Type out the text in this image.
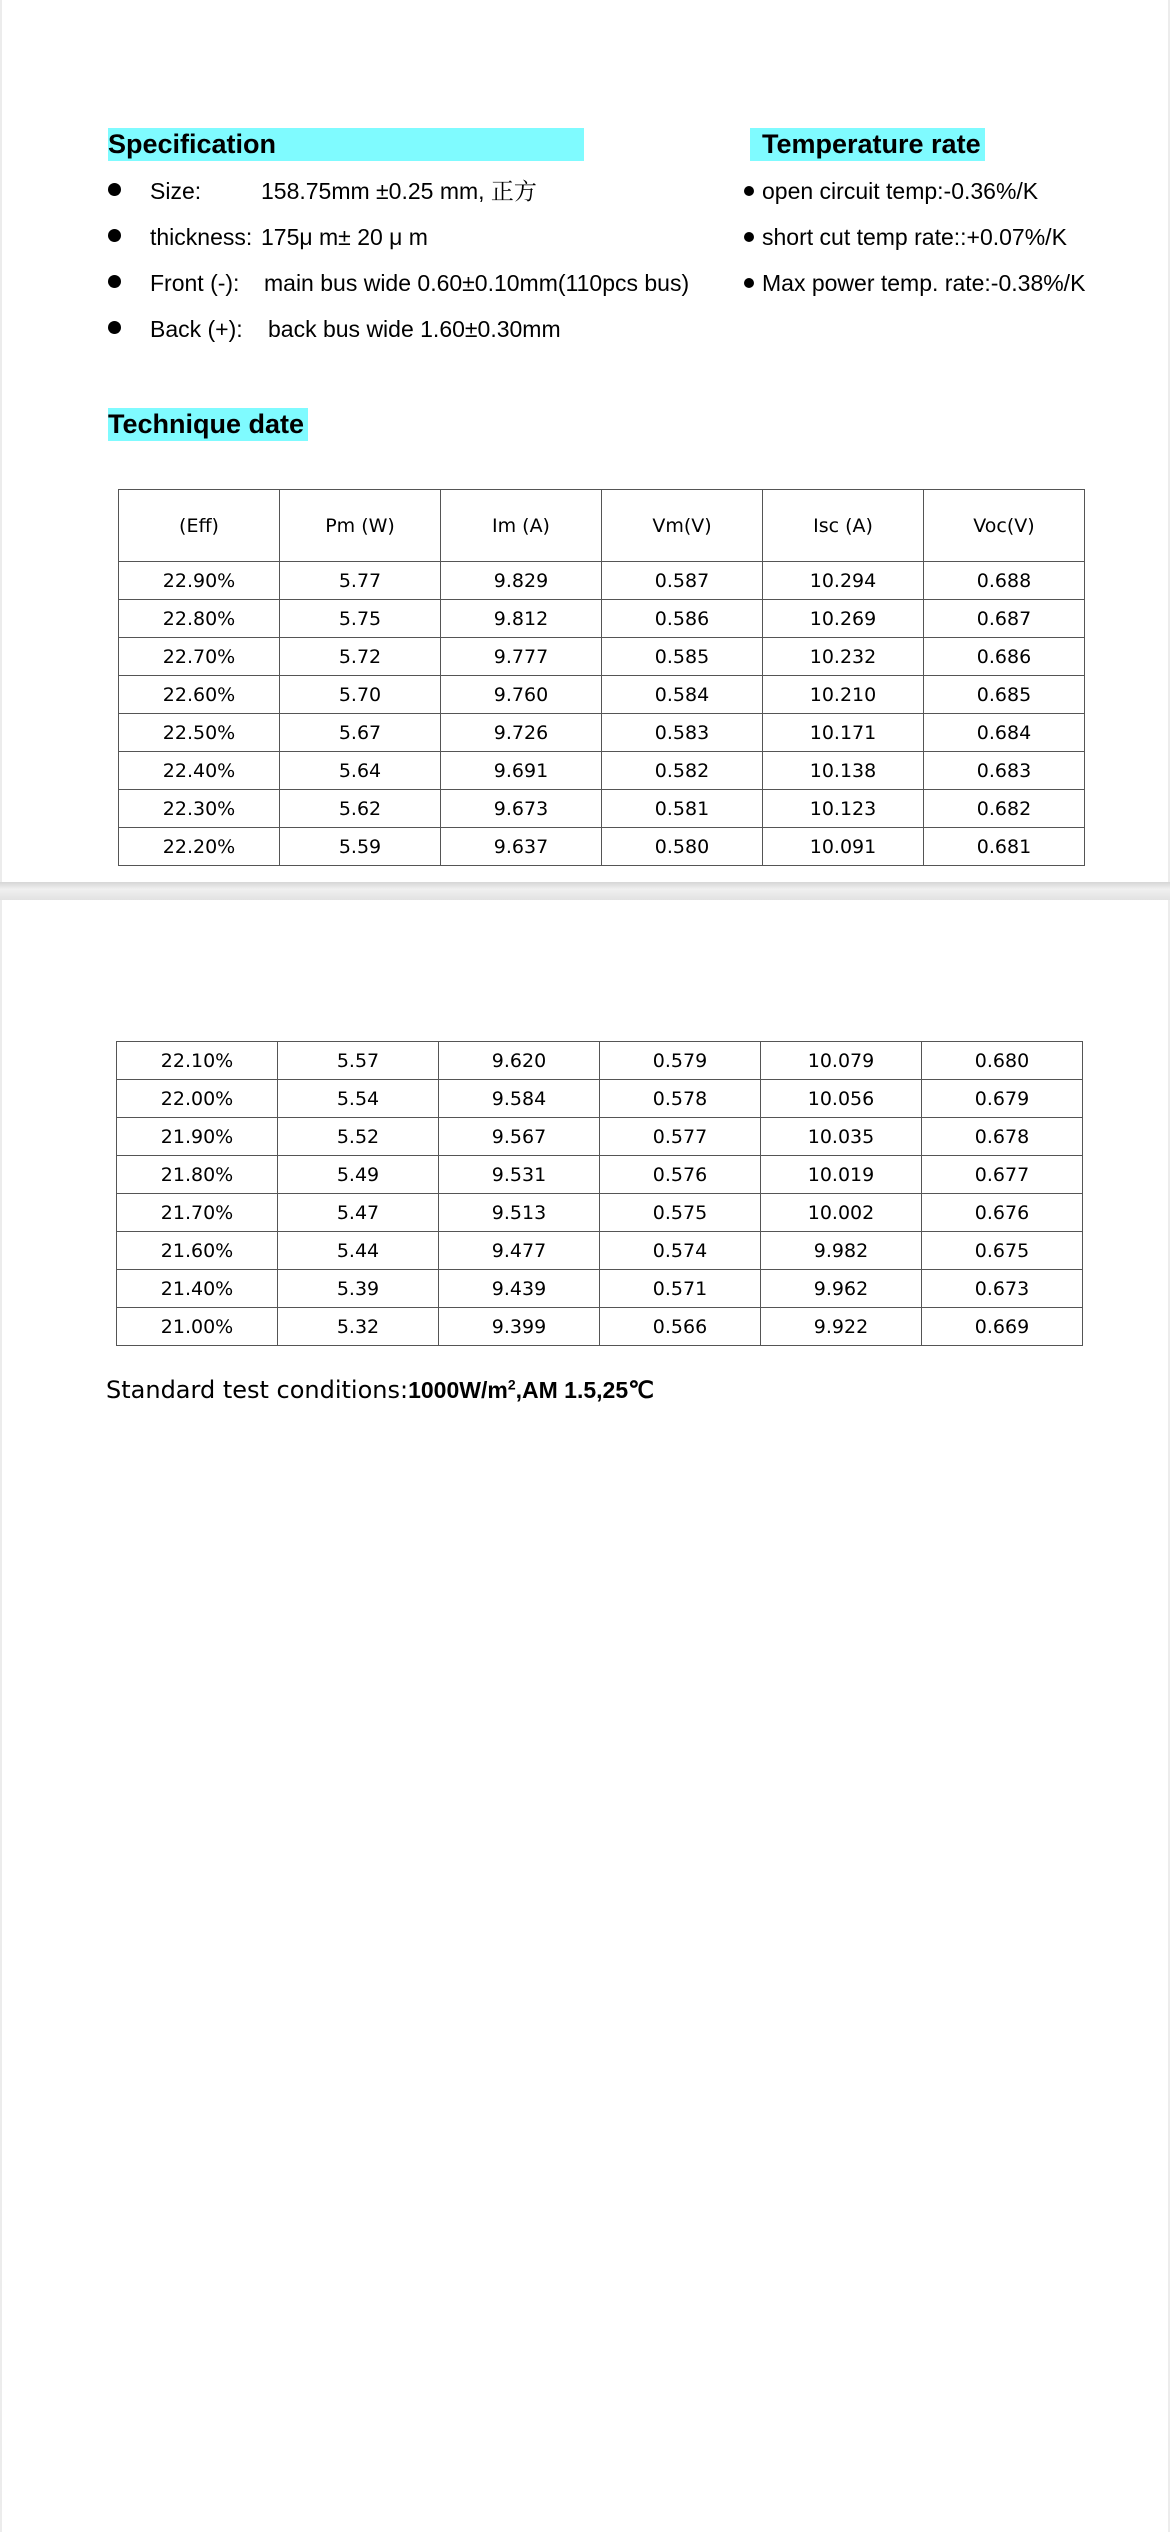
Specification	Temperature rate
Size:	158.75mm ±0.25 mm, 正方
thickness: 175μ m± 20 μ m
Front (-): main bus wide 0.60±0.10mm(110pcs bus)
Back (+): back bus wide 1.60±0.30mm
open circuit temp:-0.36%/K
short cut temp rate::+0.07%/K
Max power temp. rate:-0.38%/K
Technique date
(Eff)	Pm (W)	Im (A)	Vm(V)	Isc (A)	Voc(V)
22.90%	5.77	9.829	0.587	10.294	0.688
22.80%	5.75	9.812	0.586	10.269	0.687
22.70%	5.72	9.777	0.585	10.232	0.686
22.60%	5.70	9.760	0.584	10.210	0.685
22.50%	5.67	9.726	0.583	10.171	0.684
22.40%	5.64	9.691	0.582	10.138	0.683
22.30%	5.62	9.673	0.581	10.123	0.682
22.20%	5.59	9.637	0.580	10.091	0.681
22.10%	5.57	9.620	0.579	10.079	0.680
22.00%	5.54	9.584	0.578	10.056	0.679
21.90%	5.52	9.567	0.577	10.035	0.678
21.80%	5.49	9.531	0.576	10.019	0.677
21.70%	5.47	9.513	0.575	10.002	0.676
21.60%	5.44	9.477	0.574	9.982	0.675
21.40%	5.39	9.439	0.571	9.962	0.673
21.00%	5.32	9.399	0.566	9.922	0.669
Standard test $conditions:1000W/m^2,AM$ 1.5,25℃
